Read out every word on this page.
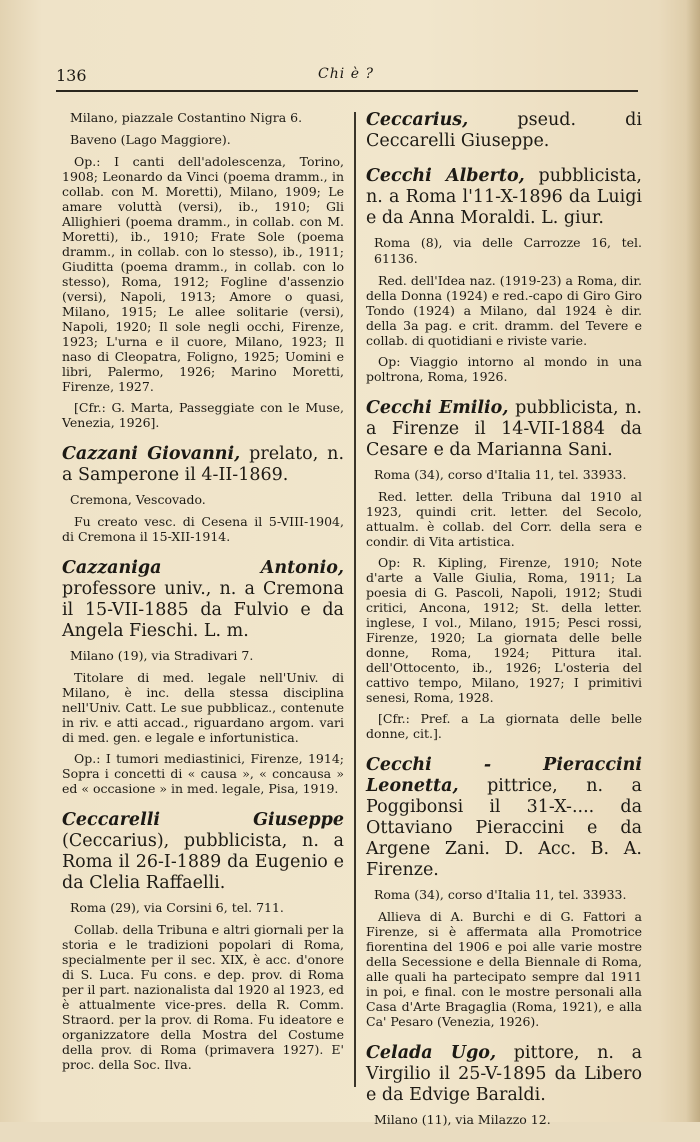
136	Chi è ?
Milano, piazzale Costantino Nigra 6.
Baveno (Lago Maggiore).
Op.: I canti dell'adolescenza, Torino, 1908; Leonardo da Vinci (poema dramm., in collab. con M. Moretti), Milano, 1909; Le amare voluttà (versi), ib., 1910; Gli Allighieri (poema dramm., in collab. con M. Moretti), ib., 1910; Frate Sole (poema dramm., in collab. con lo stesso), ib., 1911; Giuditta (poema dramm., in collab. con lo stesso), Roma, 1912; Fogline d'assenzio (versi), Napoli, 1913; Amore o quasi, Milano, 1915; Le allee solitarie (versi), Napoli, 1920; Il sole negli occhi, Firenze, 1923; L'urna e il cuore, Milano, 1923; Il naso di Cleopatra, Foligno, 1925; Uomini e libri, Palermo, 1926; Marino Moretti, Firenze, 1927.
[Cfr.: G. Marta, Passeggiate con le Muse, Venezia, 1926].
Cazzani Giovanni, prelato, n. a Samperone il 4-II-1869.
Cremona, Vescovado.
Fu creato vesc. di Cesena il 5-VIII-1904, di Cremona il 15-XII-1914.
Cazzaniga Antonio, professore univ., n. a Cremona il 15-VII-1885 da Fulvio e da Angela Fieschi. L. m.
Milano (19), via Stradivari 7.
Titolare di med. legale nell'Univ. di Milano, è inc. della stessa disciplina nell'Univ. Catt. Le sue pubblicaz., contenute in riv. e atti accad., riguardano argom. vari di med. gen. e legale e infortunistica.
Op.: I tumori mediastinici, Firenze, 1914; Sopra i concetti di « causa », « concausa » ed « occasione » in med. legale, Pisa, 1919.
Ceccarelli Giuseppe (Ceccarius), pubblicista, n. a Roma il 26-I-1889 da Eugenio e da Clelia Raffaelli.
Roma (29), via Corsini 6, tel. 711.
Collab. della Tribuna e altri giornali per la storia e le tradizioni popolari di Roma, specialmente per il sec. XIX, è acc. d'onore di S. Luca. Fu cons. e dep. prov. di Roma per il part. nazionalista dal 1920 al 1923, ed è attualmente vice-pres. della R. Comm. Straord. per la prov. di Roma. Fu ideatore e organizzatore della Mostra del Costume della prov. di Roma (primavera 1927). E' proc. della Soc. Ilva.
Ceccarius, pseud. di Ceccarelli Giuseppe.
Cecchi Alberto, pubblicista, n. a Roma l'11-X-1896 da Luigi e da Anna Moraldi. L. giur.
Roma (8), via delle Carrozze 16, tel. 61136.
Red. dell'Idea naz. (1919-23) a Roma, dir. della Donna (1924) e red.-capo di Giro Giro Tondo (1924) a Milano, dal 1924 è dir. della 3a pag. e crit. dramm. del Tevere e collab. di quotidiani e riviste varie.
Op: Viaggio intorno al mondo in una poltrona, Roma, 1926.
Cecchi Emilio, pubblicista, n. a Firenze il 14-VII-1884 da Cesare e da Marianna Sani.
Roma (34), corso d'Italia 11, tel. 33933.
Red. letter. della Tribuna dal 1910 al 1923, quindi crit. letter. del Secolo, attualm. è collab. del Corr. della sera e condir. di Vita artistica.
Op: R. Kipling, Firenze, 1910; Note d'arte a Valle Giulia, Roma, 1911; La poesia di G. Pascoli, Napoli, 1912; Studi critici, Ancona, 1912; St. della letter. inglese, I vol., Milano, 1915; Pesci rossi, Firenze, 1920; La giornata delle belle donne, Roma, 1924; Pittura ital. dell'Ottocento, ib., 1926; L'osteria del cattivo tempo, Milano, 1927; I primitivi senesi, Roma, 1928.
[Cfr.: Pref. a La giornata delle belle donne, cit.].
Cecchi - Pieraccini Leonetta, pittrice, n. a Poggibonsi il 31-X-.... da Ottaviano Pieraccini e da Argene Zani. D. Acc. B. A. Firenze.
Roma (34), corso d'Italia 11, tel. 33933.
Allieva di A. Burchi e di G. Fattori a Firenze, si è affermata alla Promotrice fiorentina del 1906 e poi alle varie mostre della Secessione e della Biennale di Roma, alle quali ha partecipato sempre dal 1911 in poi, e final. con le mostre personali alla Casa d'Arte Bragaglia (Roma, 1921), e alla Ca' Pesaro (Venezia, 1926).
Celada Ugo, pittore, n. a Virgilio il 25-V-1895 da Libero e da Edvige Baraldi.
Milano (11), via Milazzo 12.
